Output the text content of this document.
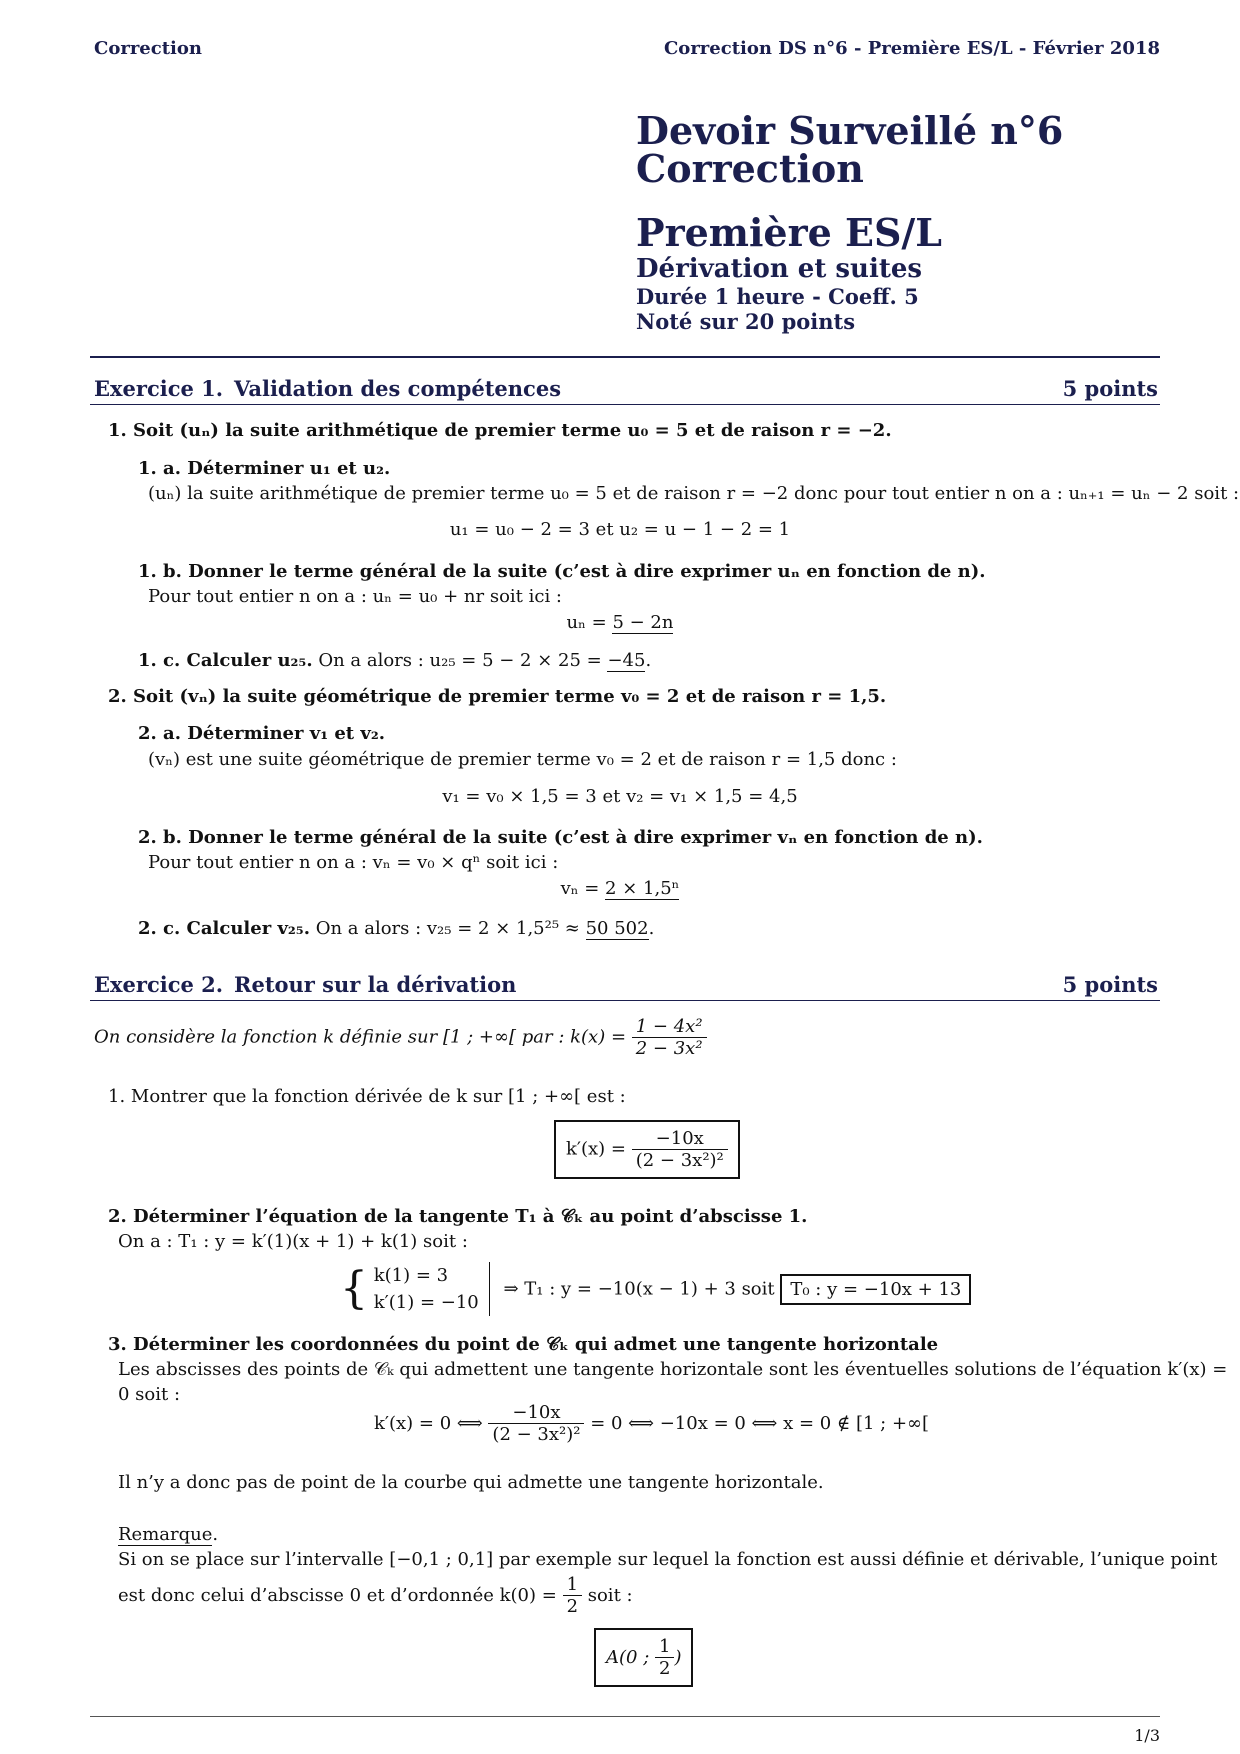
Correction	Correction DS n°6 - Première ES/L - Février 2018
Devoir Surveillé n°6
Correction
Première ES/L
Dérivation et suites
Durée 1 heure - Coeff. 5
Noté sur 20 points
Exercice 1. Validation des compétences	5 points
1. Soit (uₙ) la suite arithmétique de premier terme u₀ = 5 et de raison r = −2.
1. a. Déterminer u₁ et u₂.
(uₙ) la suite arithmétique de premier terme u₀ = 5 et de raison r = −2 donc pour tout entier n on a : uₙ₊₁ = uₙ − 2 soit :
u₁ = u₀ − 2 = 3 et u₂ = u − 1 − 2 = 1
1. b. Donner le terme général de la suite (c’est à dire exprimer uₙ en fonction de n).
Pour tout entier n on a : uₙ = u₀ + nr soit ici :
uₙ = 5 − 2n
1. c. Calculer u₂₅. On a alors : u₂₅ = 5 − 2 × 25 = −45.
2. Soit (vₙ) la suite géométrique de premier terme v₀ = 2 et de raison r = 1,5.
2. a. Déterminer v₁ et v₂.
(vₙ) est une suite géométrique de premier terme v₀ = 2 et de raison r = 1,5 donc :
v₁ = v₀ × 1,5 = 3 et v₂ = v₁ × 1,5 = 4,5
2. b. Donner le terme général de la suite (c’est à dire exprimer vₙ en fonction de n).
Pour tout entier n on a : vₙ = v₀ × qⁿ soit ici :
vₙ = 2 × 1,5ⁿ
2. c. Calculer v₂₅. On a alors : v₂₅ = 2 × 1,5²⁵ ≈ 50 502.
Exercice 2. Retour sur la dérivation	5 points
On considère la fonction k définie sur [1 ; +∞[ par : $k(x) = \frac{\text{1 − 4x²}}{\text{2 − 3x²}}$
1. Montrer que la fonction dérivée de k sur [1 ; +∞[ est :
$k'(x) = \frac{-10x}{\text{(2 − 3x²)²}}$
2. Déterminer l’équation de la tangente T₁ à 𝒞ₖ au point d’abscisse 1.
On a : T₁ : y = k′(1)(x + 1) + k(1) soit :
{ k(1) = 3
k′(1) = −10
⇒ T₁ : y = −10(x − 1) + 3 soit T₀ : y = −10x + 13
3. Déterminer les coordonnées du point de 𝒞ₖ qui admet une tangente horizontale
Les abscisses des points de 𝒞ₖ qui admettent une tangente horizontale sont les éventuelles solutions de l’équation k′(x) =
0 soit :
k′(x) = 0 ⟺ $\frac{-10x}{\text{(2 − 3x²)²}} = 0$ ⟺ −10x = 0 ⟺ x = 0 ∉ [1 ; +∞[
Il n’y a donc pas de point de la courbe qui admette une tangente horizontale.
Remarque.
Si on se place sur l’intervalle [−0,1 ; 0,1] par exemple sur lequel la fonction est aussi définie et dérivable, l’unique point
est donc celui d’abscisse 0 et d’ordonnée $k(0) = \frac{1}{2}$ soit :
A(0 ; $\frac{1}{2}$ )
1/3
